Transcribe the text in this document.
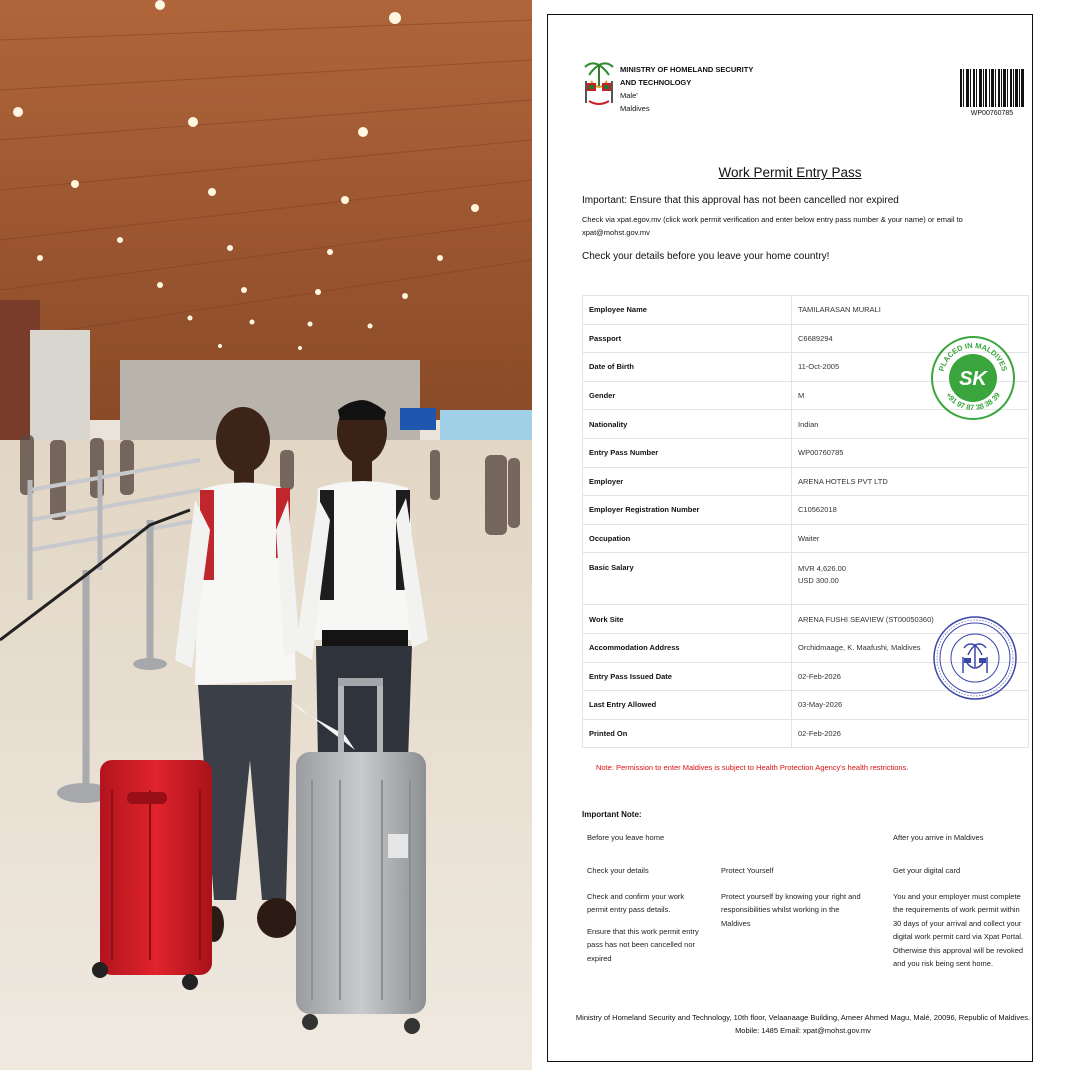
MINISTRY OF HOMELAND SECURITY AND TECHNOLOGY
Male'
Maldives
WP00760785
Work Permit Entry Pass
Important: Ensure that this approval has not been cancelled nor expired
Check via xpat.egov.mv (click work permit verification and enter below entry pass number & your name) or email to xpat@mohst.gov.mv
Check your details before you leave your home country!
Employee Name	TAMILARASAN MURALI
Passport	C6689294
Date of Birth	11-Oct-2005
Gender	M
Nationality	Indian
Entry Pass Number	WP00760785
Employer	ARENA HOTELS PVT LTD
Employer Registration Number	C10562018
Occupation	Waiter
Basic Salary	MVR 4,626.00
USD 300.00

Work Site	ARENA FUSHI SEAVIEW (ST00050360)
Accommodation Address	Orchidmaage, K. Maafushi, Maldives
Entry Pass Issued Date	02-Feb-2026
Last Entry Allowed	03-May-2026
Printed On	02-Feb-2026
PLACED IN MALDIVES
+91 97 87 38 38 39
SK
Note: Permission to enter Maldives is subject to Health Protection Agency's health restrictions.
Important Note:
Before you leave home	After you arrive in Maldives
Check your details
Check and confirm your work permit entry pass details.
Ensure that this work permit entry pass has not been cancelled nor expired
Protect Yourself
Protect yourself by knowing your right and responsibilities whilst working in the Maldives
Get your digital card
You and your employer must complete the requirements of work permit within 30 days of your arrival and collect your digital work permit card via Xpat Portal. Otherwise this approval will be revoked and you risk being sent home.
Ministry of Homeland Security and Technology, 10th floor, Velaanaage Building, Ameer Ahmed Magu, Malé, 20096, Republic of Maldives.
Mobile: 1485 Email: xpat@mohst.gov.mv
